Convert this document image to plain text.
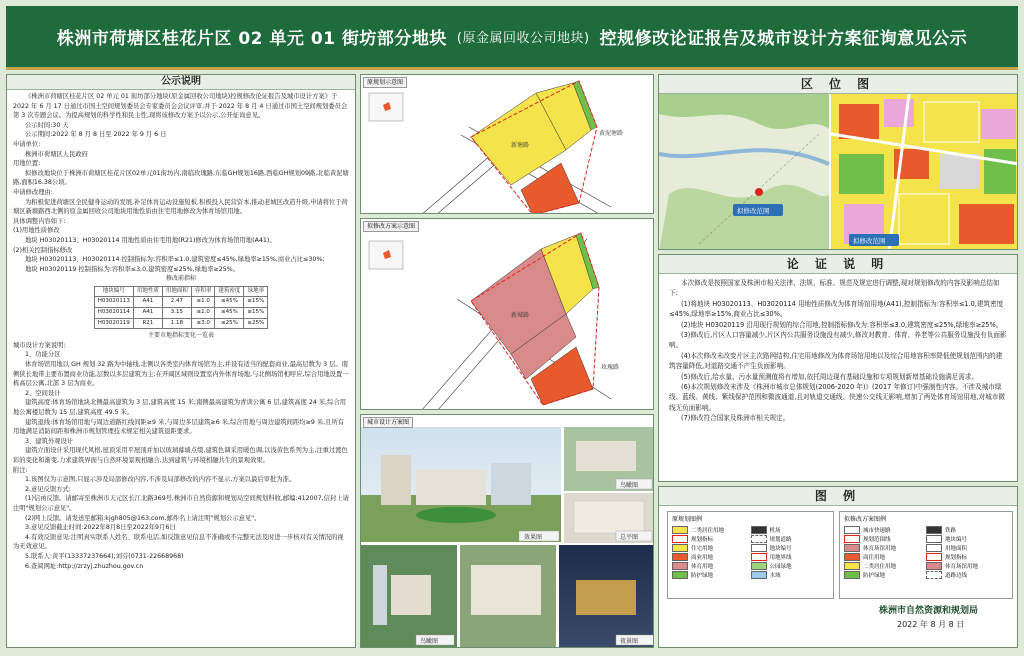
株洲市荷塘区桂花片区 02 单元 01 街坊部分地块 (原金属回收公司地块) 控规修改论证报告及城市设计方案征询意见公示
公示说明

《株洲市荷塘区桂花片区 02 单元 01 街坊部分地块(原金属回收公司地块)控规修改论证报告及城市设计方案》于 2022 年 6 月 17 日通过市国土空间规划委员会专家委员会会议评审,并于 2022 年 8 月 4 日通过市国土空间规划委员会第 3 次专题会议。为提高规划的科学性和民主性,现将该修改方案予以公示,公开征询意见。

公示时间:30 天

公示期间:2022 年 8 月 8 日至 2022 年 9 月 6 日

申请单位:

株洲市荷塘区人民政府

用地位置:

拟修改地块位于株洲市荷塘区桂花片区02单元01街坊内,南临玫瑰路,东临GH规划16路,西临GH规划09路,北临黄泥塘路,面积16.38公顷。

申请修改理由:

为积极促进荷塘区全民健身运动的发展,补足体育运动设施短板,积极投入民营资本,推动老城区改造升级,申请将位于荷塘区新塘路西北侧的原金属回收公司地块用地性质由住宅用地修改为体育场馆用地。

具体调整内容如下:

(1)用地性质修改

地块 H03020113、H03020114 用地性质由住宅用地(R21)修改为体育场馆用地(A41)。

(2)相关控制指标修改

地块 H03020113、H03020114 控制指标为:容积率≤1.0,建筑密度≤45%,绿地率≥15%,商业占比≤30%;

地块 H03020119 控制指标为:容积率≤3.0,建筑密度≤25%,绿地率≥25%。

修改前指标
地块编号	用地性质	用地面积	容积率	建筑密度	绿地率
H03020113	A41	2.47	≤1.0	≤45%	≥15%
H03020114	A41	3.15	≤1.0	≤45%	≥15%
H03020119	R21	1.18	≤3.0	≤25%	≥25%
主要市地指标变化一览表

城市设计方案说明:

1、功能分区

体育场馆用地以 GH 规划 32 路为中轴线,北侧以各类室内体育场馆为主,并设有适当的配套商业,最高层数为 3 层。南侧狭长地带主要布置商业功能,层数以多层建筑为主;在开阔区域则设置室内外体育场地,与北侧场馆相呼应,综合用地设置一栋高层公寓,北部 3 层为商业。

2、空间设计

建筑高度:体育场馆地块北侧最高建筑为 3 层,建筑高度 15 米;南侧最高建筑为青训公寓 6 层,建筑高度 24 米,综合用地公寓楼层数为 15 层,建筑高度 49.5 米。

建筑退线:体育场馆用地与周边道路红线间距≥9 米,与周边多层建筑≥6 米,综合用地与周边建筑间距均≥9 米,且所有用地满足消防间距和株洲市规划管理技术规定相关建筑退距要求。

3、建筑外观设计

建筑立面设计采用现代风格,屋顶采用平屋顶并加以玻璃幕墙点缀,建筑色调采用暖色调,以浅黄色系列为主,注重过渡色彩的变化和渐变,力求建筑界面与自然环境景观相融合,达到建筑与环境相融共生的景观效果。

附注:

1.该图仅为示意图,只显示涉及局部修改内容,不涉及局部修改的内容不显示,方案以最后审批为准。

2.意见反馈方式:

(1)信函反馈。请邮寄至株洲市天元区长江北路369号,株洲市自然资源和规划局空间规划科收,邮编:412007,信封上请注明"规划公示意见"。

(2)网上反馈。请发送至邮箱:kjgh805@163.com,邮件名上请注明"规划公示意见"。

3.意见反馈截止时间:2022年8月8日至2022年9月6日

4.有效反馈意见:注明真实联系人姓名、联系电话,如反馈意见信息不准确或不完整无法及时进一步核对有关情况的视为无效意见。

5.联系人:黄平(13337237664);刘芬(0731-22668968)

6.查阅网址:http://zrzyj.zhuzhou.gov.cn

原规划示意图
新塘路
黄泥塘路
拟修改方案示意图
新城路
玫瑰路
城市设计方案图
效果图
鸟瞰图
总平图
鸟瞰图	夜景图
区 位 图
拟修改范围
拟修改范围
论 证 说 明

本次修改是按照国家及株洲市相关法律、法规、标准、规范及规定进行调整,现对规划修改的内容及影响总结如下:

(1)将地块 H03020113、H03020114 用地性质修改为体育场馆用地(A41),控制指标为:容积率≤1.0,建筑密度≤45%,绿地率≥15%,商业占比≤30%。

(2)地块 H03020119 沿用现行规划的综合用地,控制指标修改为:容积率≤3.0,建筑密度≤25%,绿地率≥25%。

(3)修改后,片区人口容量减少,片区内公共服务设施没有减少,修改对教育、体育、养老等公共服务设施没有负面影响。

(4)本次修改未改变片区主次路网结构,住宅用地修改为体育场馆用地以及综合用地容积率降低使规划范围内的建筑容量降低,对道路交通不产生负面影响。

(5)修改后,给水量、污水量预测值将有增加,依托周边现有基础设施和专项规划新增基础设施满足需求。

(6)本次规划修改未涉及《株洲市城市总体规划(2006-2020 年)》(2017 年修订)中强制性内容。不涉及城市绿线、蓝线、黄线、紫线保护范围和微波通道,且对轨道交通线、快速公交线无影响,增加了两处体育场馆用地,对城市微线无负面影响。

(7)修改符合国家及株洲市相关规定。

图 例
原规划图例
二类居住用地
规划指标
住宅用地
商业用地
体育用地
防护绿地
机场
规划道路
地块编号
用地界线
公园绿地
水域
拟修改方案图例
城市快速路
规划范围线
体育场馆用地
商住用地
二类居住用地
防护绿地
铁路
地块编号
用地面积
规划指标
体育场馆用地
道路边线
株洲市自然资源和规划局
2022 年 8 月 8 日
